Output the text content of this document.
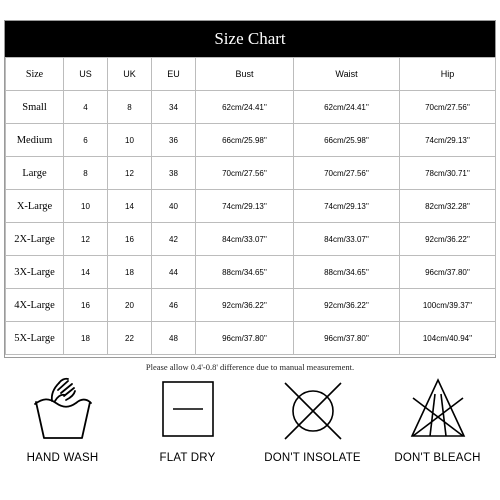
Size Chart
Size	US	UK	EU	Bust	Waist	Hip
Small	4	8	34	62cm/24.41''	62cm/24.41''	70cm/27.56''
Medium	6	10	36	66cm/25.98''	66cm/25.98''	74cm/29.13''
Large	8	12	38	70cm/27.56''	70cm/27.56''	78cm/30.71''
X-Large	10	14	40	74cm/29.13''	74cm/29.13''	82cm/32.28''
2X-Large	12	16	42	84cm/33.07''	84cm/33.07''	92cm/36.22''
3X-Large	14	18	44	88cm/34.65''	88cm/34.65''	96cm/37.80''
4X-Large	16	20	46	92cm/36.22''	92cm/36.22''	100cm/39.37''
5X-Large	18	22	48	96cm/37.80''	96cm/37.80''	104cm/40.94''
Please allow 0.4'-0.8' difference due to manual measurement.
HAND WASH	FLAT DRY	DON'T INSOLATE	DON'T BLEACH
